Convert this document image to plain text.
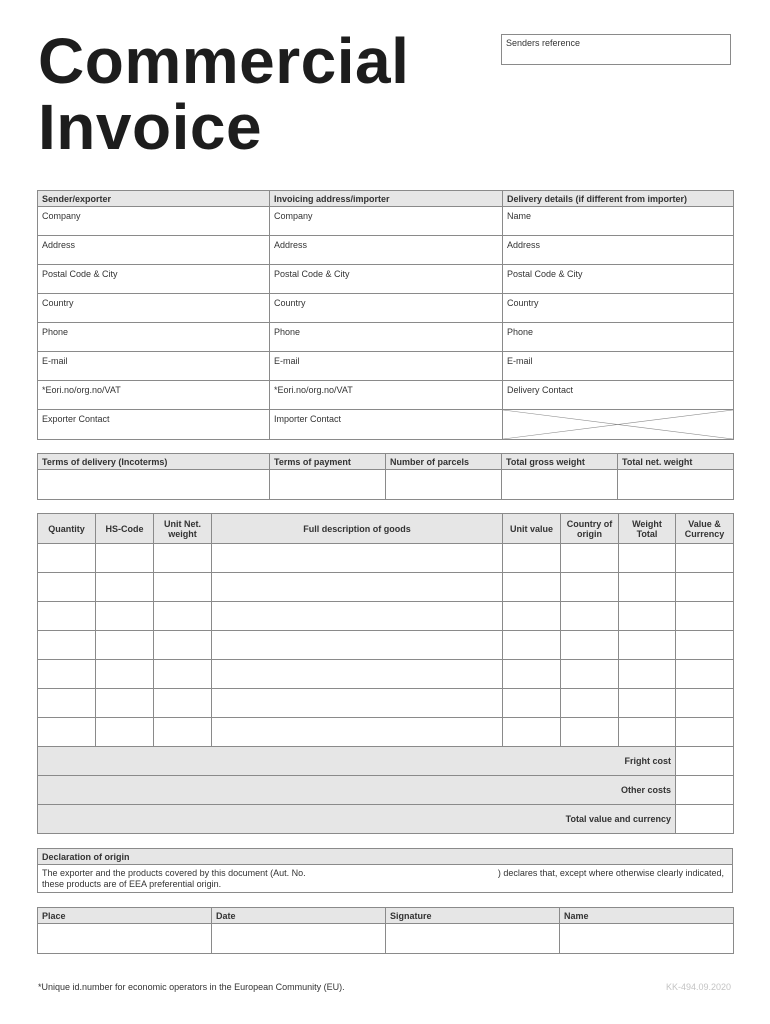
Commercial
Invoice
Senders reference
Sender/exporter	Invoicing address/importer	Delivery details (if different from importer)
Company	Company	Name
Address	Address	Address
Postal Code & City	Postal Code & City	Postal Code & City
Country	Country	Country
Phone	Phone	Phone
E-mail	E-mail	E-mail
*Eori.no/org.no/VAT	*Eori.no/org.no/VAT	Delivery Contact
Exporter Contact	Importer Contact	
Terms of delivery (Incoterms)	Terms of payment	Number of parcels	Total gross weight	Total net. weight

Quantity	HS-Code	Unit Net. weight	Full description of goods	Unit value	Country of origin	Weight Total	Value & Currency

Fright cost							
Other costs							
Total value and currency							
Declaration of origin

The exporter and the products covered by this document (Aut. No.	) declares that, except where otherwise clearly indicated,
these products are of EEA preferential origin.
Place	Date	Signature	Name

*Unique id.number for economic operators in the European Community (EU).	KK-494.09.2020
